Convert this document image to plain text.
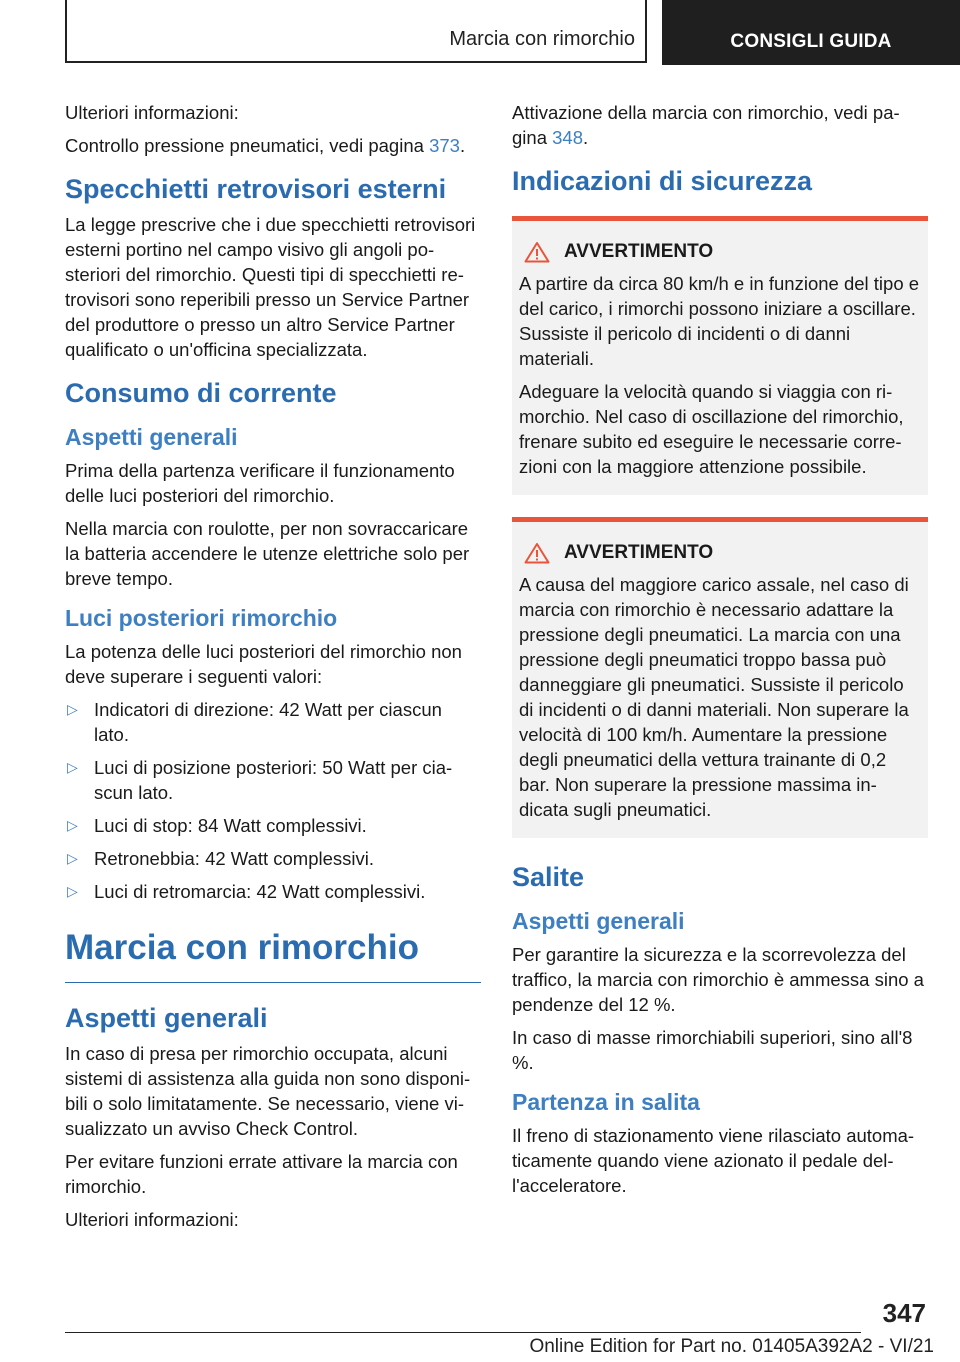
Marcia con rimorchio	CONSIGLI GUIDA

Ulteriori informazioni:

Controllo pressione pneumatici, vedi pagina 373.

Specchietti retrovisori esterni

La legge prescrive che i due specchietti retrovisori esterni portino nel campo visivo gli angoli posteriori del rimorchio. Questi tipi di specchietti retrovisori sono reperibili presso un Service Partner del produttore o presso un altro Service Partner qualificato o un'officina specializzata.

Consumo di corrente
Aspetti generali

Prima della partenza verificare il funzionamento delle luci posteriori del rimorchio.

Nella marcia con roulotte, per non sovraccaricare la batteria accendere le utenze elettriche solo per breve tempo.

Luci posteriori rimorchio

La potenza delle luci posteriori del rimorchio non deve superare i seguenti valori:

▷ Indicatori di direzione: 42 Watt per ciascun lato.
▷ Luci di posizione posteriori: 50 Watt per ciascun lato.
▷ Luci di stop: 84 Watt complessivi.
▷ Retronebbia: 42 Watt complessivi.
▷ Luci di retromarcia: 42 Watt complessivi.
Marcia con rimorchio
Aspetti generali

In caso di presa per rimorchio occupata, alcuni sistemi di assistenza alla guida non sono disponibili o solo limitatamente. Se necessario, viene visualizzato un avviso Check Control.

Per evitare funzioni errate attivare la marcia con rimorchio.

Ulteriori informazioni:

Attivazione della marcia con rimorchio, vedi pagina 348.

Indicazioni di sicurezza
AVVERTIMENTO

A partire da circa 80 km/h e in funzione del tipo e del carico, i rimorchi possono iniziare a oscillare. Sussiste il pericolo di incidenti o di danni materiali.

Adeguare la velocità quando si viaggia con rimorchio. Nel caso di oscillazione del rimorchio, frenare subito ed eseguire le necessarie correzioni con la maggiore attenzione possibile.

AVVERTIMENTO

A causa del maggiore carico assale, nel caso di marcia con rimorchio è necessario adattare la pressione degli pneumatici. La marcia con una pressione degli pneumatici troppo bassa può danneggiare gli pneumatici. Sussiste il pericolo di incidenti o di danni materiali. Non superare la velocità di 100 km/h. Aumentare la pressione degli pneumatici della vettura trainante di 0,2 bar. Non superare la pressione massima indicata sugli pneumatici.

Salite
Aspetti generali

Per garantire la sicurezza e la scorrevolezza del traffico, la marcia con rimorchio è ammessa sino a pendenze del 12 %.

In caso di masse rimorchiabili superiori, sino all'8 %.

Partenza in salita

Il freno di stazionamento viene rilasciato automaticamente quando viene azionato il pedale dell'acceleratore.

347
Online Edition for Part no. 01405A392A2 - VI/21
